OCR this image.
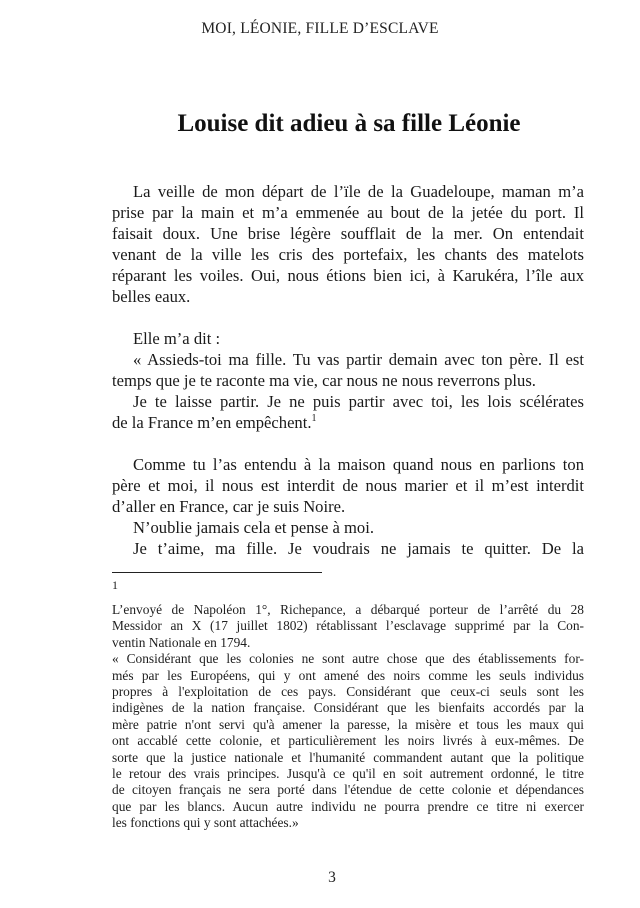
MOI, LÉONIE, FILLE D’ESCLAVE
Louise dit adieu à sa fille Léonie
La veille de mon départ de l’ïle de la Guadeloupe, maman m’a
prise par la main et m’a emmenée au bout de la jetée du port. Il
faisait doux. Une brise légère soufflait de la mer. On entendait
venant de la ville les cris des portefaix, les chants des matelots
réparant les voiles. Oui, nous étions bien ici, à Karukéra, l’île aux
belles eaux.
Elle m’a dit :
« Assieds-toi ma fille. Tu vas partir demain avec ton père. Il est
temps que je te raconte ma vie, car nous ne nous reverrons plus.
Je te laisse partir. Je ne puis partir avec toi, les lois scélérates
de la France m’en empêchent.$^1$
Comme tu l’as entendu à la maison quand nous en parlions ton
père et moi, il nous est interdit de nous marier et il m’est interdit
d’aller en France, car je suis Noire.
N’oublie jamais cela et pense à moi.
Je t’aime, ma fille. Je voudrais ne jamais te quitter. De la
1
L’envoyé de Napoléon 1°, Richepance, a débarqué porteur de l’arrêté du 28
Messidor an X (17 juillet 1802) rétablissant l’esclavage supprimé par la Con-
ventin Nationale en 1794.
« Considérant que les colonies ne sont autre chose que des établissements for-
més par les Européens, qui y ont amené des noirs comme les seuls individus
propres à l'exploitation de ces pays. Considérant que ceux-ci seuls sont les
indigènes de la nation française. Considérant que les bienfaits accordés par la
mère patrie n'ont servi qu'à amener la paresse, la misère et tous les maux qui
ont accablé cette colonie, et particulièrement les noirs livrés à eux-mêmes. De
sorte que la justice nationale et l'humanité commandent autant que la politique
le retour des vrais principes. Jusqu'à ce qu'il en soit autrement ordonné, le titre
de citoyen français ne sera porté dans l'étendue de cette colonie et dépendances
que par les blancs. Aucun autre individu ne pourra prendre ce titre ni exercer
les fonctions qui y sont attachées.»
3
